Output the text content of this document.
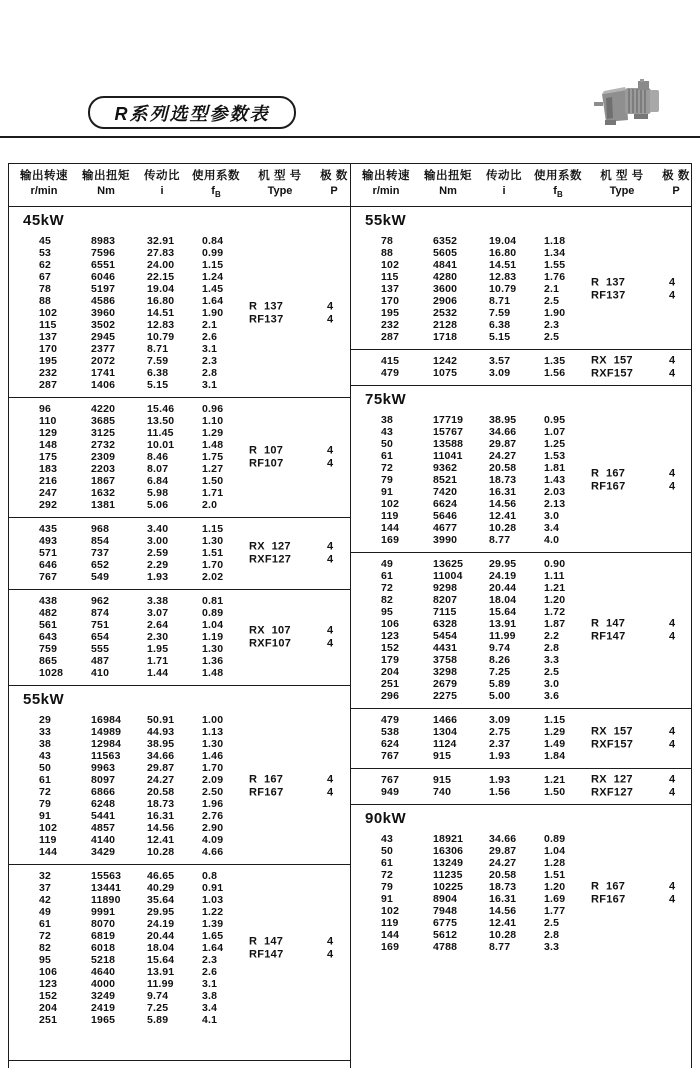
R系列选型参数表
输出转速	输出扭矩	传动比	使用系数	机 型 号	极 数
r/min	Nm	i	$f_B$	Type	P
45kW
45	8983	32.91	0.84
53	7596	27.83	0.99
62	6551	24.00	1.15
67	6046	22.15	1.24
78	5197	19.04	1.45
88	4586	16.80	1.64
102	3960	14.51	1.90
115	3502	12.83	2.1
137	2945	10.79	2.6
170	2377	8.71	3.1
195	2072	7.59	2.3
232	1741	6.38	2.8
287	1406	5.15	3.1
R  137	4
RF137	4
96	4220	15.46	0.96
110	3685	13.50	1.10
129	3125	11.45	1.29
148	2732	10.01	1.48
175	2309	8.46	1.75
183	2203	8.07	1.27
216	1867	6.84	1.50
247	1632	5.98	1.71
292	1381	5.06	2.0
R  107	4
RF107	4
435	968	3.40	1.15
493	854	3.00	1.30
571	737	2.59	1.51
646	652	2.29	1.70
767	549	1.93	2.02
RX  127	4
RXF127	4
438	962	3.38	0.81
482	874	3.07	0.89
561	751	2.64	1.04
643	654	2.30	1.19
759	555	1.95	1.30
865	487	1.71	1.36
1028	410	1.44	1.48
RX  107	4
RXF107	4
55kW
29	16984	50.91	1.00
33	14989	44.93	1.13
38	12984	38.95	1.30
43	11563	34.66	1.46
50	9963	29.87	1.70
61	8097	24.27	2.09
72	6866	20.58	2.50
79	6248	18.73	1.96
91	5441	16.31	2.76
102	4857	14.56	2.90
119	4140	12.41	4.09
144	3429	10.28	4.66
R  167	4
RF167	4
32	15563	46.65	0.8
37	13441	40.29	0.91
42	11890	35.64	1.03
49	9991	29.95	1.22
61	8070	24.19	1.39
72	6819	20.44	1.65
82	6018	18.04	1.64
95	5218	15.64	2.3
106	4640	13.91	2.6
123	4000	11.99	3.1
152	3249	9.74	3.8
204	2419	7.25	3.4
251	1965	5.89	4.1
R  147	4
RF147	4
输出转速	输出扭矩	传动比	使用系数	机 型 号	极 数
r/min	Nm	i	$f_B$	Type	P
55kW
78	6352	19.04	1.18
88	5605	16.80	1.34
102	4841	14.51	1.55
115	4280	12.83	1.76
137	3600	10.79	2.1
170	2906	8.71	2.5
195	2532	7.59	1.90
232	2128	6.38	2.3
287	1718	5.15	2.5
R  137	4
RF137	4
415	1242	3.57	1.35
479	1075	3.09	1.56
RX  157	4
RXF157	4
75kW
38	17719	38.95	0.95
43	15767	34.66	1.07
50	13588	29.87	1.25
61	11041	24.27	1.53
72	9362	20.58	1.81
79	8521	18.73	1.43
91	7420	16.31	2.03
102	6624	14.56	2.13
119	5646	12.41	3.0
144	4677	10.28	3.4
169	3990	8.77	4.0
R  167	4
RF167	4
49	13625	29.95	0.90
61	11004	24.19	1.11
72	9298	20.44	1.21
82	8207	18.04	1.20
95	7115	15.64	1.72
106	6328	13.91	1.87
123	5454	11.99	2.2
152	4431	9.74	2.8
179	3758	8.26	3.3
204	3298	7.25	2.5
251	2679	5.89	3.0
296	2275	5.00	3.6
R  147	4
RF147	4
479	1466	3.09	1.15
538	1304	2.75	1.29
624	1124	2.37	1.49
767	915	1.93	1.84
RX  157	4
RXF157	4
767	915	1.93	1.21
949	740	1.56	1.50
RX  127	4
RXF127	4
90kW
43	18921	34.66	0.89
50	16306	29.87	1.04
61	13249	24.27	1.28
72	11235	20.58	1.51
79	10225	18.73	1.20
91	8904	16.31	1.69
102	7948	14.56	1.77
119	6775	12.41	2.5
144	5612	10.28	2.8
169	4788	8.77	3.3
R  167	4
RF167	4
